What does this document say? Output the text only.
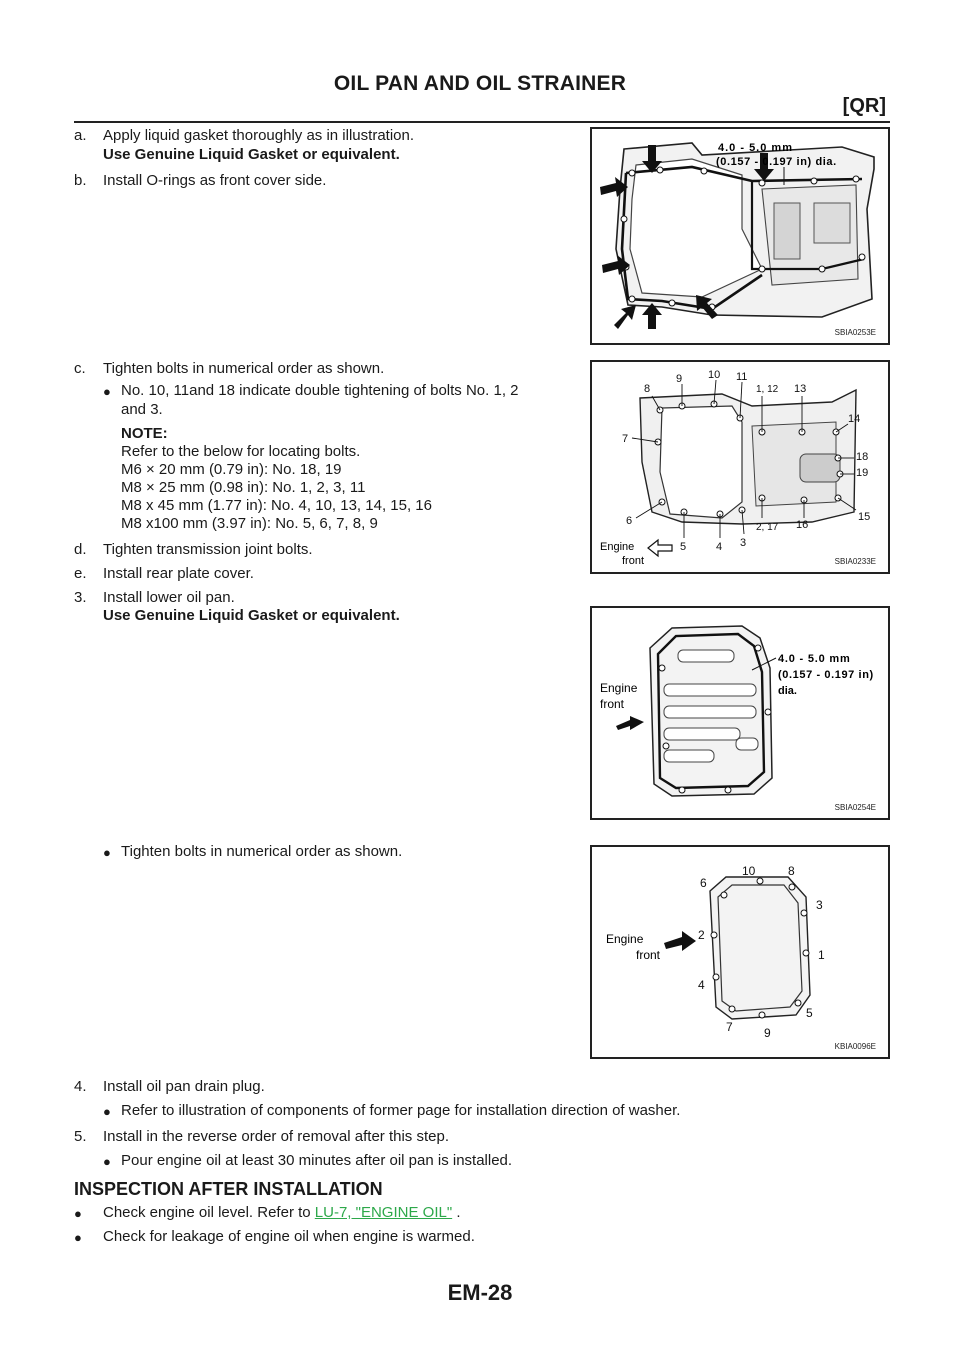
OIL PAN AND OIL STRAINER
[QR]
a. Apply liquid gasket thoroughly as in illustration.
Use Genuine Liquid Gasket or equivalent.
b. Install O-rings as front cover side.
4.0 - 5.0 mm
(0.157 - 0.197 in) dia.
SBIA0253E
c. Tighten bolts in numerical order as shown.
● No. 10, 11and 18 indicate double tightening of bolts No. 1, 2
and 3.
NOTE:
Refer to the below for locating bolts.
M6 × 20 mm (0.79 in): No. 18, 19
M8 × 25 mm (0.98 in): No. 1, 2, 3, 11
M8 x 45 mm (1.77 in): No. 4, 10, 13, 14, 15, 16
M8 x100 mm (3.97 in): No. 5, 6, 7, 8, 9
d. Tighten transmission joint bolts.
e. Install rear plate cover.
3. Install lower oil pan.
Use Genuine Liquid Gasket or equivalent.
Engine
front
8
9 10 11
1, 12 13
14
18
19
15
16
2, 17
3
4
5
6
7
SBIA0233E
Engine
front
4.0 - 5.0 mm
(0.157 - 0.197 in)
dia.
SBIA0254E
● Tighten bolts in numerical order as shown.
Engine
front
6
10	8
3
2
1
4
5
7	9
KBIA0096E
4. Install oil pan drain plug.
● Refer to illustration of components of former page for installation direction of washer.
5. Install in the reverse order of removal after this step.
● Pour engine oil at least 30 minutes after oil pan is installed.
INSPECTION AFTER INSTALLATION
● Check engine oil level. Refer to LU-7, "ENGINE OIL" .
● Check for leakage of engine oil when engine is warmed.
EM-28
